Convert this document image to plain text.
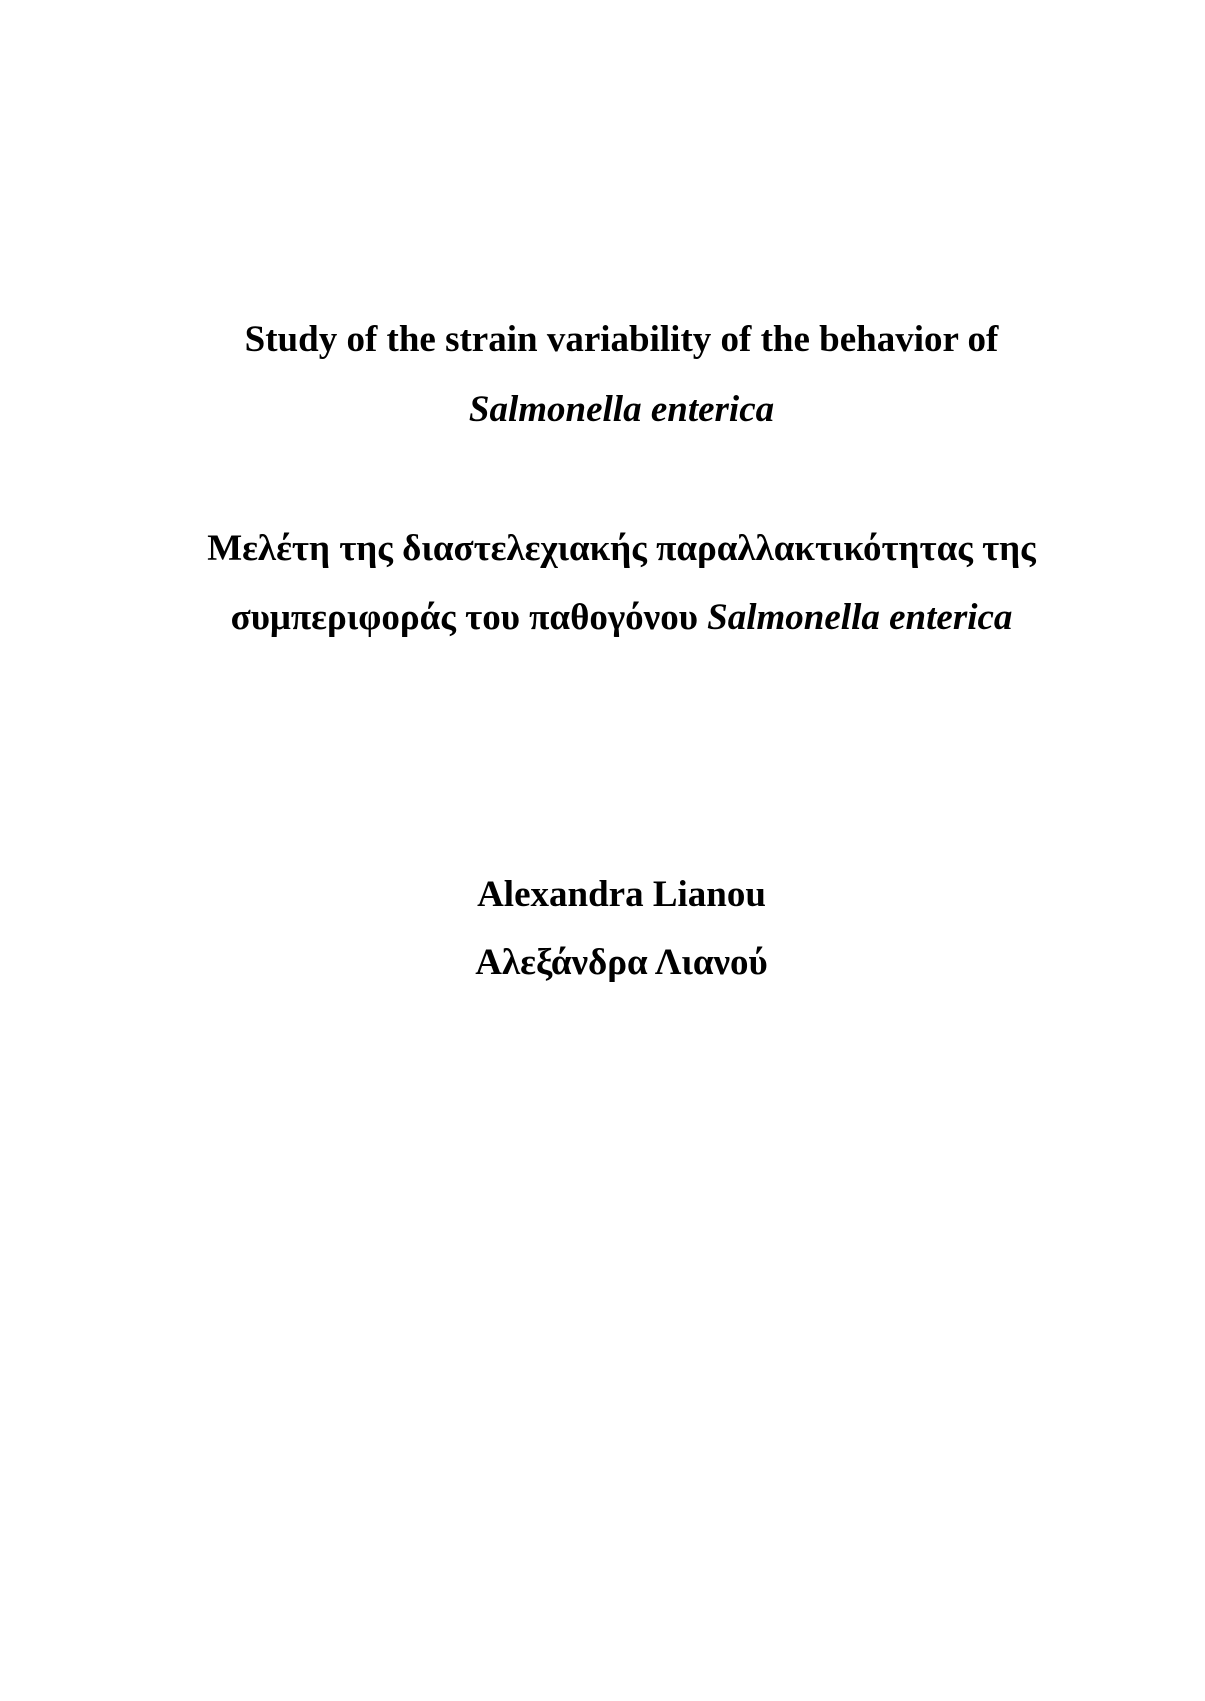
Study of the strain variability of the behavior of
Salmonella enterica
Μελέτη της διαστελεχιακής παραλλακτικότητας της
συμπεριφοράς του παθογόνου Salmonella enterica
Alexandra Lianou
Αλεξάνδρα Λιανού
